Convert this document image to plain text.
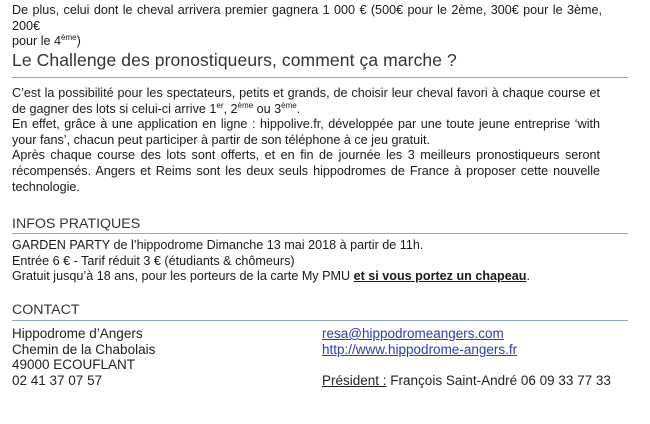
De plus, celui dont le cheval arrivera premier gagnera 1 000 € (500€ pour le 2ème, 300€ pour le 3ème, 200€

pour le 4ème)

Le Challenge des pronostiqueurs, comment ça marche ?

C’est la possibilité pour les spectateurs, petits et grands, de choisir leur cheval favori à chaque course et de gagner des lots si celui-ci arrive 1er, 2ème ou 3ème.

En effet, grâce à une application en ligne : hippolive.fr, développée par une toute jeune entreprise ‘with your fans’, chacun peut participer à partir de son téléphone à ce jeu gratuit.

Après chaque course des lots sont offerts, et en fin de journée les 3 meilleurs pronostiqueurs seront récompensés. Angers et Reims sont les deux seuls hippodromes de France à proposer cette nouvelle technologie.

INFOS PRATIQUES

GARDEN PARTY de l’hippodrome Dimanche 13 mai 2018 à partir de 11h.

Entrée 6 € - Tarif réduit 3 € (étudiants & chômeurs)

Gratuit jusqu’à 18 ans, pour les porteurs de la carte My PMU et si vous portez un chapeau.

CONTACT
Hippodrome d’Angers
Chemin de la Chabolais
49000 ECOUFLANT
02 41 37 07 57
resa@hippodromeangers.com
http://www.hippodrome-angers.fr
Président : François Saint-André 06 09 33 77 33
